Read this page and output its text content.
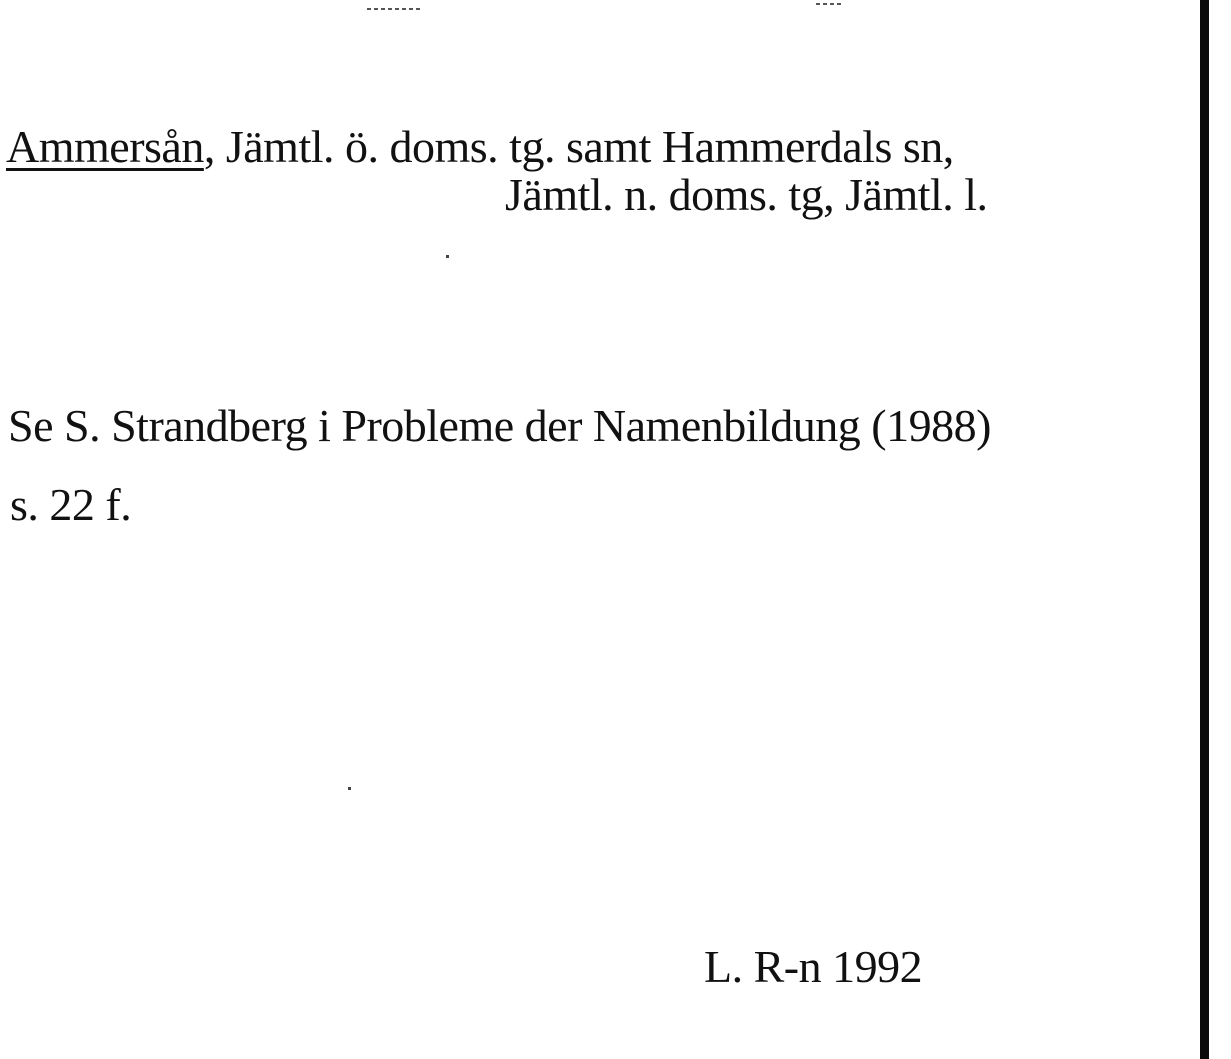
Ammersån, Jämtl. ö. doms. tg. samt Hammerdals sn,
Jämtl. n. doms. tg, Jämtl. l.
Se S. Strandberg i Probleme der Namenbildung (1988)
s. 22 f.
L. R-n 1992
